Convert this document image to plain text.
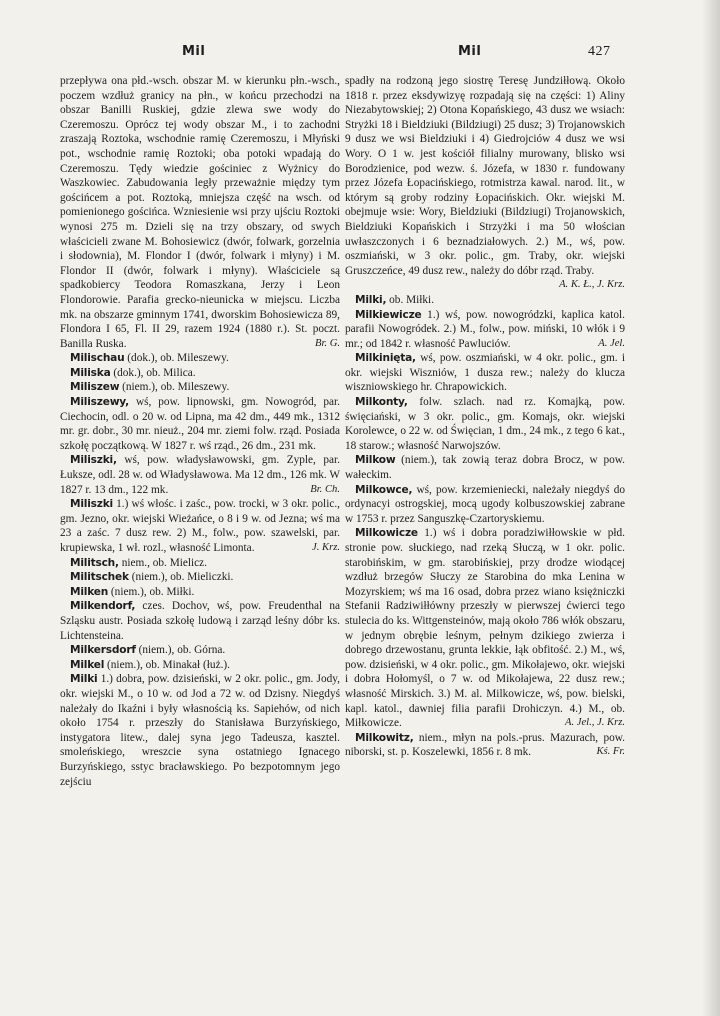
Mil	Mil	427

przepływa ona płd.-wsch. obszar M. w kierunku płn.-wsch., poczem wzdłuż granicy na płn., w końcu przechodzi na obszar Banilli Ruskiej, gdzie zlewa swe wody do Czeremoszu. Oprócz tej wody obszar M., i to zachodni zraszają Roztoka, wschodnie ramię Czeremoszu, i Młyński pot., wschodnie ramię Roztoki; oba potoki wpadają do Czeremoszu. Tędy wiedzie gościniec z Wyżnicy do Waszkowiec. Zabudowania legły przeważnie między tym gościńcem a pot. Roztoką, mniejsza część na wsch. od pomienionego gościńca. Wzniesienie wsi przy ujściu Roztoki wynosi 275 m. Dzieli się na trzy obszary, od swych właścicieli zwane M. Bohosiewicz (dwór, folwark, gorzelnia i słodownia), M. Flondor I (dwór, folwark i młyny) i M. Flondor II (dwór, folwark i młyny). Właściciele są spadkobiercy Teodora Romaszkana, Jerzy i Leon Flondorowie. Parafia grecko-nieunicka w miejscu. Liczba mk. na obszarze gminnym 1741, dworskim Bohosiewicza 89, Flondora I 65, Fl. II 29, razem 1924 (1880 r.). St. poczt. Banilla Ruska.	Br. G.

Milischau (dok.), ob. Mileszewy.

Miliska (dok.), ob. Milica.

Miliszew (niem.), ob. Mileszewy.

Miliszewy, wś, pow. lipnowski, gm. Nowogród, par. Ciechocin, odl. o 20 w. od Lipna, ma 42 dm., 449 mk., 1312 mr. gr. dobr., 30 mr. nieuż., 204 mr. ziemi folw. rząd. Posiada szkołę początkową. W 1827 r. wś rząd., 26 dm., 231 mk.

Miliszki, wś, pow. władysławowski, gm. Zyple, par. Łuksze, odl. 28 w. od Władysławowa. Ma 12 dm., 126 mk. W 1827 r. 13 dm., 122 mk.	Br. Ch.

Miliszki 1.) wś włośc. i zaśc., pow. trocki, w 3 okr. polic., gm. Jezno, okr. wiejski Wieżańce, o 8 i 9 w. od Jezna; wś ma 23 a zaśc. 7 dusz rew. 2) M., folw., pow. szawelski, par. krupiewska, 1 wł. rozl., własność Limonta.	J. Krz.

Militsch, niem., ob. Mielicz.

Militschek (niem.), ob. Mieliczki.

Milken (niem.), ob. Miłki.

Milkendorf, czes. Dochov, wś, pow. Freudenthal na Szląsku austr. Posiada szkołę ludową i zarząd leśny dóbr ks. Lichtensteina.

Milkersdorf (niem.), ob. Górna.

Milkel (niem.), ob. Minakał (łuż.).

Milki 1.) dobra, pow. dzisieński, w 2 okr. polic., gm. Jody, okr. wiejski M., o 10 w. od Jod a 72 w. od Dzisny. Niegdyś należały do Ikaźni i były własnością ks. Sapiehów, od nich około 1754 r. przeszły do Stanisława Burzyńskiego, instygatora litew., dalej syna jego Tadeusza, kasztel. smoleńskiego, wreszcie syna ostatniego Ignacego Burzyńskiego, sstyc bracławskiego. Po bezpotomnym jego zejściu

spadły na rodzoną jego siostrę Teresę Jundziłłową. Około 1818 r. przez eksdywizyę rozpadają się na części: 1) Aliny Niezabytowskiej; 2) Otona Kopańskiego, 43 dusz we wsiach: Stryżki 18 i Bieldziuki (Bildziugi) 25 dusz; 3) Trojanowskich 9 dusz we wsi Bieldziuki i 4) Giedrojciów 4 dusz we wsi Wory. O 1 w. jest kościół filialny murowany, blisko wsi Borodzienice, pod wezw. ś. Józefa, w 1830 r. fundowany przez Józefa Łopacińskiego, rotmistrza kawal. narod. lit., w którym są groby rodziny Łopacińskich. Okr. wiejski M. obejmuje wsie: Wory, Bieldziuki (Bildziugi) Trojanowskich, Bieldziuki Kopańskich i Strzyżki i ma 50 włościan uwłaszczonych i 6 beznadziałowych. 2.) M., wś, pow. oszmiański, w 3 okr. polic., gm. Traby, okr. wiejski Gruszczeńce, 49 dusz rew., należy do dóbr rząd. Traby.
A. K. Ł., J. Krz.

Milki, ob. Miłki.

Milkiewicze 1.) wś, pow. nowogródzki, kaplica katol. parafii Nowogródek. 2.) M., folw., pow. miński, 10 włók i 9 mr.; od 1842 r. własność Pawluciów.	A. Jel.

Milkinięta, wś, pow. oszmiański, w 4 okr. polic., gm. i okr. wiejski Wiszniów, 1 dusza rew.; należy do klucza wiszniowskiego hr. Chrapowickich.

Milkonty, folw. szlach. nad rz. Komajką, pow. święciański, w 3 okr. polic., gm. Komajs, okr. wiejski Korolewce, o 22 w. od Święcian, 1 dm., 24 mk., z tego 6 kat., 18 starow.; własność Narwojszów.

Milkow (niem.), tak zowią teraz dobra Brocz, w pow. wałeckim.

Milkowce, wś, pow. krzemieniecki, należały niegdyś do ordynacyi ostrogskiej, mocą ugody kolbuszowskiej zabrane w 1753 r. przez Sanguszkę-Czartoryskiemu.

Milkowicze 1.) wś i dobra poradziwiłłowskie w płd. stronie pow. słuckiego, nad rzeką Słuczą, w 1 okr. polic. starobińskim, w gm. starobińskiej, przy drodze wiodącej wzdłuż brzegów Słuczy ze Starobina do mka Lenina w Mozyrskiem; wś ma 16 osad, dobra przez wiano księżniczki Stefanii Radziwiłłówny przeszły w pierwszej ćwierci tego stulecia do ks. Wittgensteinów, mają około 786 włók obszaru, w jednym obrębie leśnym, pełnym dzikiego zwierza i dobrego drzewostanu, grunta lekkie, łąk obfitość. 2.) M., wś, pow. dzisieński, w 4 okr. polic., gm. Mikołajewo, okr. wiejski i dobra Hołomyśl, o 7 w. od Mikołajewa, 22 dusz rew.; własność Mirskich. 3.) M. al. Milkowicze, wś, pow. bielski, kapl. katol., dawniej filia parafii Drohiczyn. 4.) M., ob. Miłkowicze.	A. Jel., J. Krz.

Milkowitz, niem., młyn na pols.-prus. Mazurach, pow. niborski, st. p. Koszelewki, 1856 r. 8 mk.	Kś. Fr.
